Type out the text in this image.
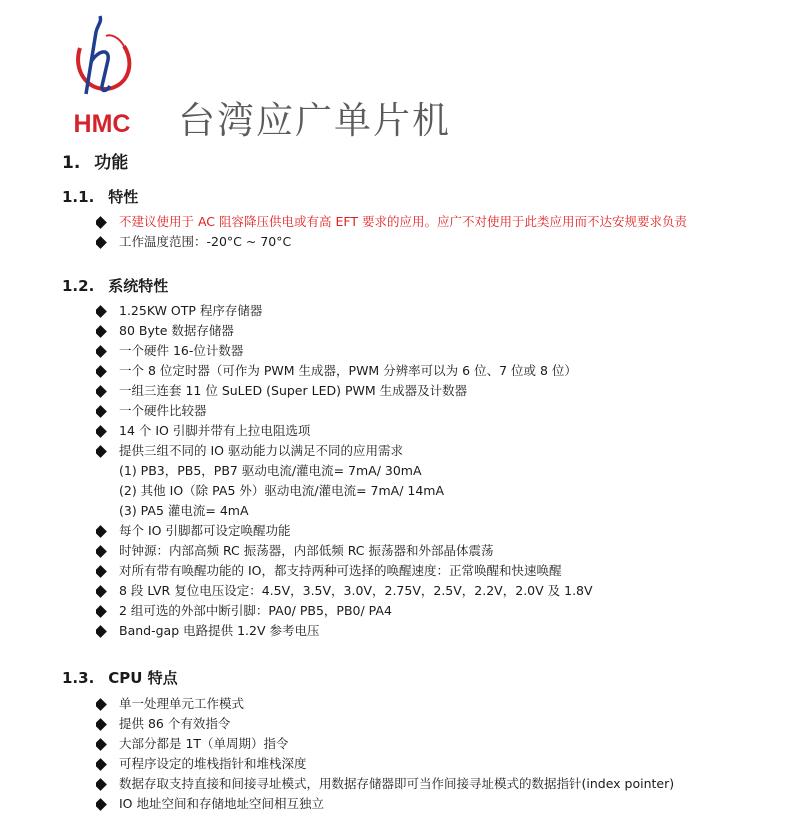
HMC 台湾应广单片机
1. 功能
1.1. 特性
不建议使用于 AC 阻容降压供电或有高 EFT 要求的应用。应广不对使用于此类应用而不达安规要求负责
工作温度范围：-20°C ~ 70°C
1.2. 系统特性
1.25KW OTP 程序存储器
80 Byte 数据存储器
一个硬件 16-位计数器
一个 8 位定时器（可作为 PWM 生成器，PWM 分辨率可以为 6 位、7 位或 8 位）
一组三连套 11 位 SuLED (Super LED) PWM 生成器及计数器
一个硬件比较器
14 个 IO 引脚并带有上拉电阻选项
提供三组不同的 IO 驱动能力以满足不同的应用需求
(1) PB3，PB5，PB7 驱动电流/灌电流= 7mA/ 30mA
(2) 其他 IO（除 PA5 外）驱动电流/灌电流= 7mA/ 14mA
(3) PA5 灌电流= 4mA
每个 IO 引脚都可设定唤醒功能
时钟源：内部高频 RC 振荡器，内部低频 RC 振荡器和外部晶体震荡
对所有带有唤醒功能的 IO，都支持两种可选择的唤醒速度：正常唤醒和快速唤醒
8 段 LVR 复位电压设定：4.5V，3.5V，3.0V，2.75V，2.5V，2.2V，2.0V 及 1.8V
2 组可选的外部中断引脚：PA0/ PB5，PB0/ PA4
Band-gap 电路提供 1.2V 参考电压
1.3. CPU 特点
单一处理单元工作模式
提供 86 个有效指令
大部分都是 1T（单周期）指令
可程序设定的堆栈指针和堆栈深度
数据存取支持直接和间接寻址模式，用数据存储器即可当作间接寻址模式的数据指针(index pointer)
IO 地址空间和存储地址空间相互独立
